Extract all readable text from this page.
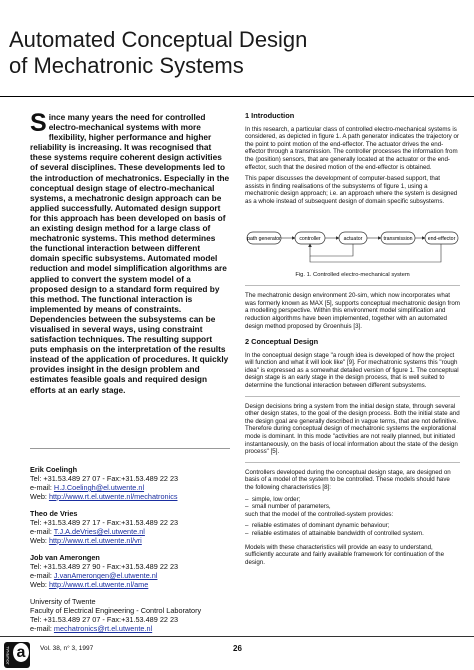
Automated Conceptual Design
of Mechatronic Systems
Since many years the need for controlled electro-mechanical systems with more flexibility, higher performance and higher reliability is increasing. It was recognised that these systems require coherent design activities of several disciplines. These developments led to the introduction of mechatronics. Especially in the conceptual design stage of electro-mechanical systems, a mechatronic design approach can be applied successfully. Automated design support for this approach has been developed on basis of an existing design method for a large class of mechatronic systems. This method determines the functional interaction between different domain specific subsystems. Automated model reduction and model simplification algorithms are applied to convert the system model of a proposed design to a standard form required by this method. The functional interaction is implemented by means of constraints. Dependencies between the subsystems can be visualised in several ways, using constraint satisfaction techniques. The resulting support puts emphasis on the interpretation of the results instead of the application of procedures. It quickly provides insight in the design problem and estimates feasible goals and required design efforts at an early stage.
Erik Coelingh
Tel: +31.53.489 27 07 - Fax:+31.53.489 22 23
e-mail: H.J.Coelingh@el.utwente.nl
Web: http://www.rt.el.utwente.nl/mechatronics
Theo de Vries
Tel: +31.53.489 27 17 - Fax:+31.53.489 22 23
e-mail: T.J.A.deVries@el.utwente.nl
Web: http://www.rt.el.utwente.nl/vri
Job van Amerongen
Tel: +31.53.489 27 90 - Fax:+31.53.489 22 23
e-mail: J.vanAmerongen@el.utwente.nl
Web: http://www.rt.el.utwente.nl/ame
University of Twente
Faculty of Electrical Engineering - Control Laboratory
Tel: +31.53.489 27 07 - Fax:+31.53.489 22 23
e-mail: mechatronics@rt.el.utwente.nl
1 Introduction

In this research, a particular class of controlled electro-mechanical systems is considered, as depicted in figure 1. A path generator indicates the trajectory or the point to point motion of the end-effector. The actuator drives the end-effector through a transmission. The controller processes the information from the (position) sensors, that are generally located at the actuator or the end-effector, such that the desired motion of the end-effector is obtained.

This paper discusses the development of computer-based support, that assists in finding realisations of the subsystems of figure 1, using a mechatronic design approach; i.e. an approach where the system is designed as a whole instead of subsequent design of domain specific subsystems.

path generator	controller	actuator	transmission	end-effector
Fig. 1. Controlled electro-mechanical system

The mechatronic design environment 20-sim, which now incorporates what was formerly known as MAX [5], supports conceptual mechatronic design from a modelling perspective. Within this environment model simplification and reduction algorithms have been implemented, together with an automated design method proposed by Groenhuis [3].

2 Conceptual Design

In the conceptual design stage "a rough idea is developed of how the project will function and what it will look like" [9]. For mechatronic systems this "rough idea" is expressed as a somewhat detailed version of figure 1. The conceptual design stage is an early stage in the design process, that is well suited to determine the functional interaction between different subsystems.

Design decisions bring a system from the initial design state, through several other design states, to the goal of the design process. Both the initial state and the design goal are generally described in vague terms, that are not definitive. Therefore during conceptual design of mechatronic systems the explorational mode is dominant. In this mode "activities are not really planned, but initiated instantaneously, on the basis of local information about the state of the design process" [5].

Controllers developed during the conceptual design stage, are designed on basis of a model of the system to be controlled. These models should have the following characteristics [8]:

–  simple, low order;
–  small number of parameters,

such that the model of the controlled-system provides:

–  reliable estimates of dominant dynamic behaviour;
–  reliable estimates of attainable bandwidth of controlled system.

Models with these characteristics will provide an easy to understand, sufficiently accurate and fairly available framework for continuation of the design.

JOURNAL a	Vol. 38, n° 3, 1997	26
